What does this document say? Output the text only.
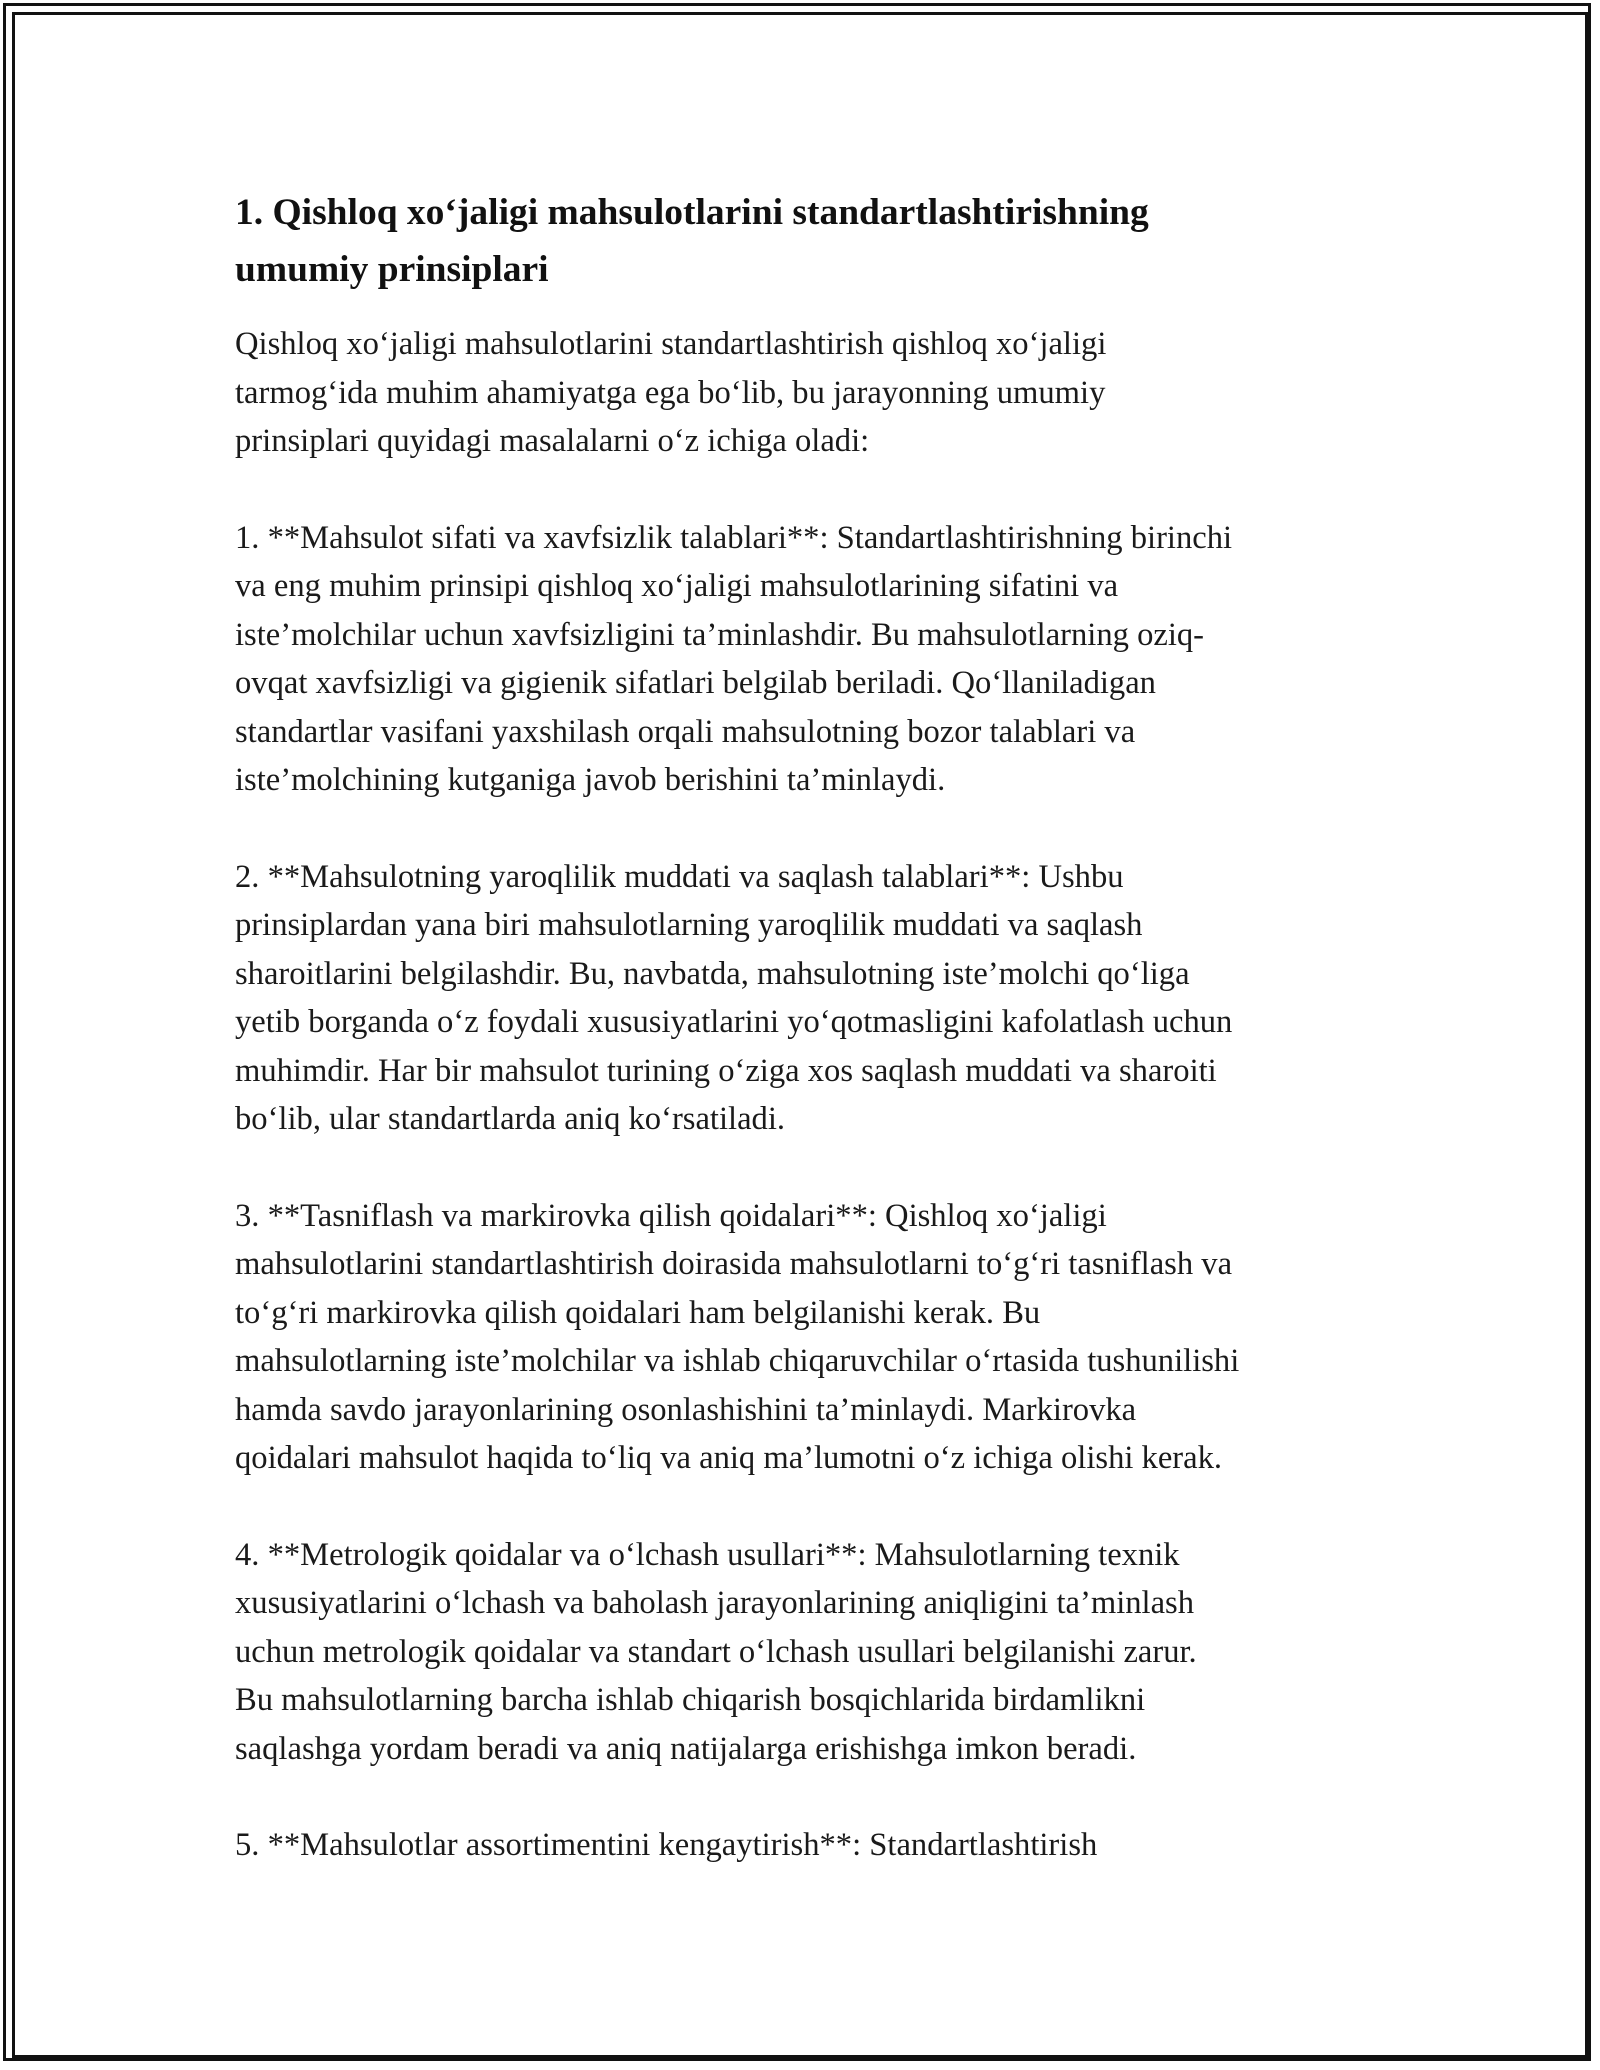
1. Qishloq xo‘jaligi mahsulotlarini standartlashtirishning
umumiy prinsiplari

Qishloq xo‘jaligi mahsulotlarini standartlashtirish qishloq xo‘jaligi
tarmog‘ida muhim ahamiyatga ega bo‘lib, bu jarayonning umumiy
prinsiplari quyidagi masalalarni o‘z ichiga oladi:

1. **Mahsulot sifati va xavfsizlik talablari**: Standartlashtirishning birinchi
va eng muhim prinsipi qishloq xo‘jaligi mahsulotlarining sifatini va
iste’molchilar uchun xavfsizligini ta’minlashdir. Bu mahsulotlarning oziq-
ovqat xavfsizligi va gigienik sifatlari belgilab beriladi. Qo‘llaniladigan
standartlar vasifani yaxshilash orqali mahsulotning bozor talablari va
iste’molchining kutganiga javob berishini ta’minlaydi.

2. **Mahsulotning yaroqlilik muddati va saqlash talablari**: Ushbu
prinsiplardan yana biri mahsulotlarning yaroqlilik muddati va saqlash
sharoitlarini belgilashdir. Bu, navbatda, mahsulotning iste’molchi qo‘liga
yetib borganda o‘z foydali xususiyatlarini yo‘qotmasligini kafolatlash uchun
muhimdir. Har bir mahsulot turining o‘ziga xos saqlash muddati va sharoiti
bo‘lib, ular standartlarda aniq ko‘rsatiladi.

3. **Tasniflash va markirovka qilish qoidalari**: Qishloq xo‘jaligi
mahsulotlarini standartlashtirish doirasida mahsulotlarni to‘g‘ri tasniflash va
to‘g‘ri markirovka qilish qoidalari ham belgilanishi kerak. Bu
mahsulotlarning iste’molchilar va ishlab chiqaruvchilar o‘rtasida tushunilishi
hamda savdo jarayonlarining osonlashishini ta’minlaydi. Markirovka
qoidalari mahsulot haqida to‘liq va aniq ma’lumotni o‘z ichiga olishi kerak.

4. **Metrologik qoidalar va o‘lchash usullari**: Mahsulotlarning texnik
xususiyatlarini o‘lchash va baholash jarayonlarining aniqligini ta’minlash
uchun metrologik qoidalar va standart o‘lchash usullari belgilanishi zarur.
Bu mahsulotlarning barcha ishlab chiqarish bosqichlarida birdamlikni
saqlashga yordam beradi va aniq natijalarga erishishga imkon beradi.

5. **Mahsulotlar assortimentini kengaytirish**: Standartlashtirish
